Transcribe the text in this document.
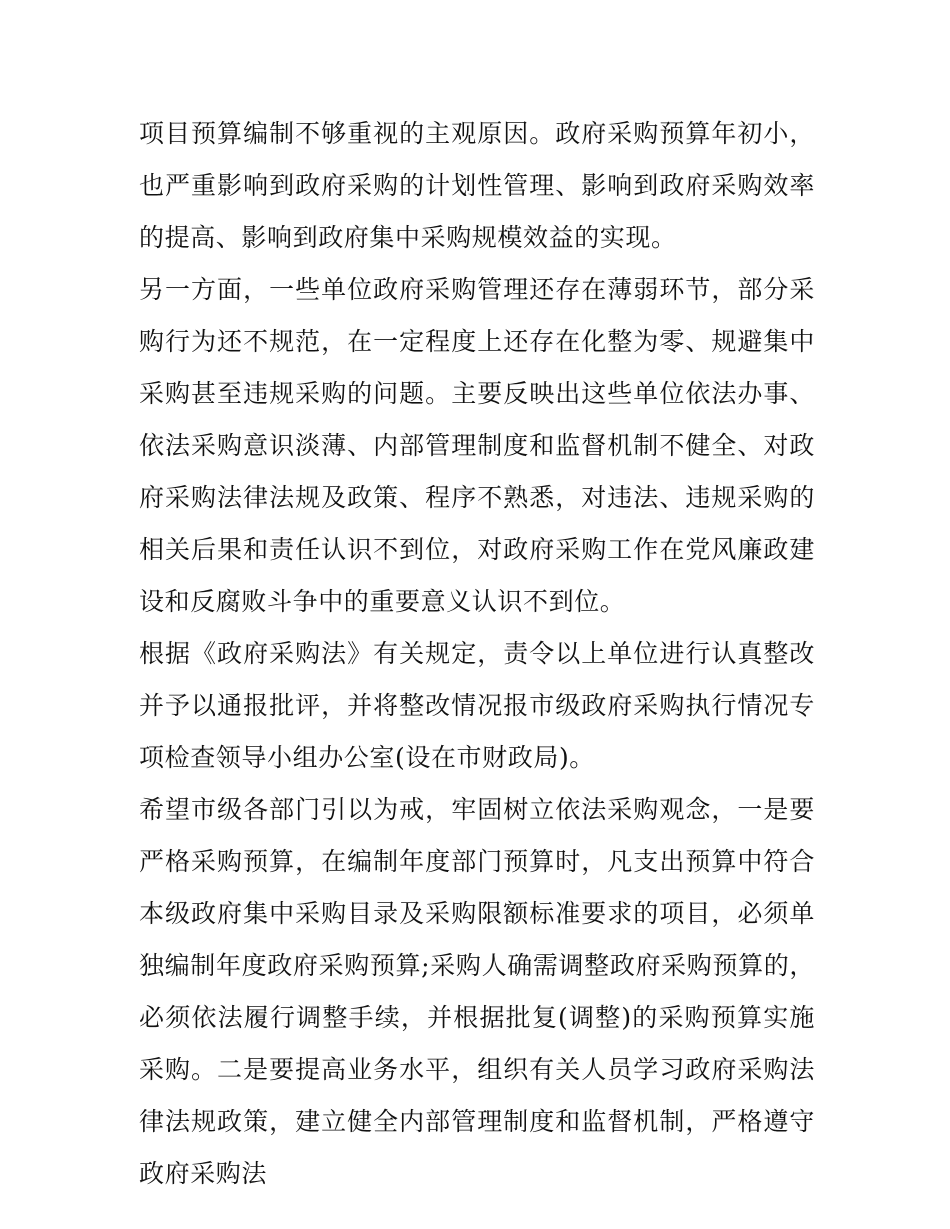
项目预算编制不够重视的主观原因。政府采购预算年初小，也严重影响到政府采购的计划性管理、影响到政府采购效率的提高、影响到政府集中采购规模效益的实现。

另一方面，一些单位政府采购管理还存在薄弱环节，部分采购行为还不规范，在一定程度上还存在化整为零、规避集中采购甚至违规采购的问题。主要反映出这些单位依法办事、依法采购意识淡薄、内部管理制度和监督机制不健全、对政府采购法律法规及政策、程序不熟悉，对违法、违规采购的相关后果和责任认识不到位，对政府采购工作在党风廉政建设和反腐败斗争中的重要意义认识不到位。

根据《政府采购法》有关规定，责令以上单位进行认真整改并予以通报批评，并将整改情况报市级政府采购执行情况专项检查领导小组办公室(设在市财政局)。

希望市级各部门引以为戒，牢固树立依法采购观念，一是要严格采购预算，在编制年度部门预算时，凡支出预算中符合本级政府集中采购目录及采购限额标准要求的项目，必须单独编制年度政府采购预算;采购人确需调整政府采购预算的，必须依法履行调整手续，并根据批复(调整)的采购预算实施采购。二是要提高业务水平，组织有关人员学习政府采购法律法规政策，建立健全内部管理制度和监督机制，严格遵守政府采购法
